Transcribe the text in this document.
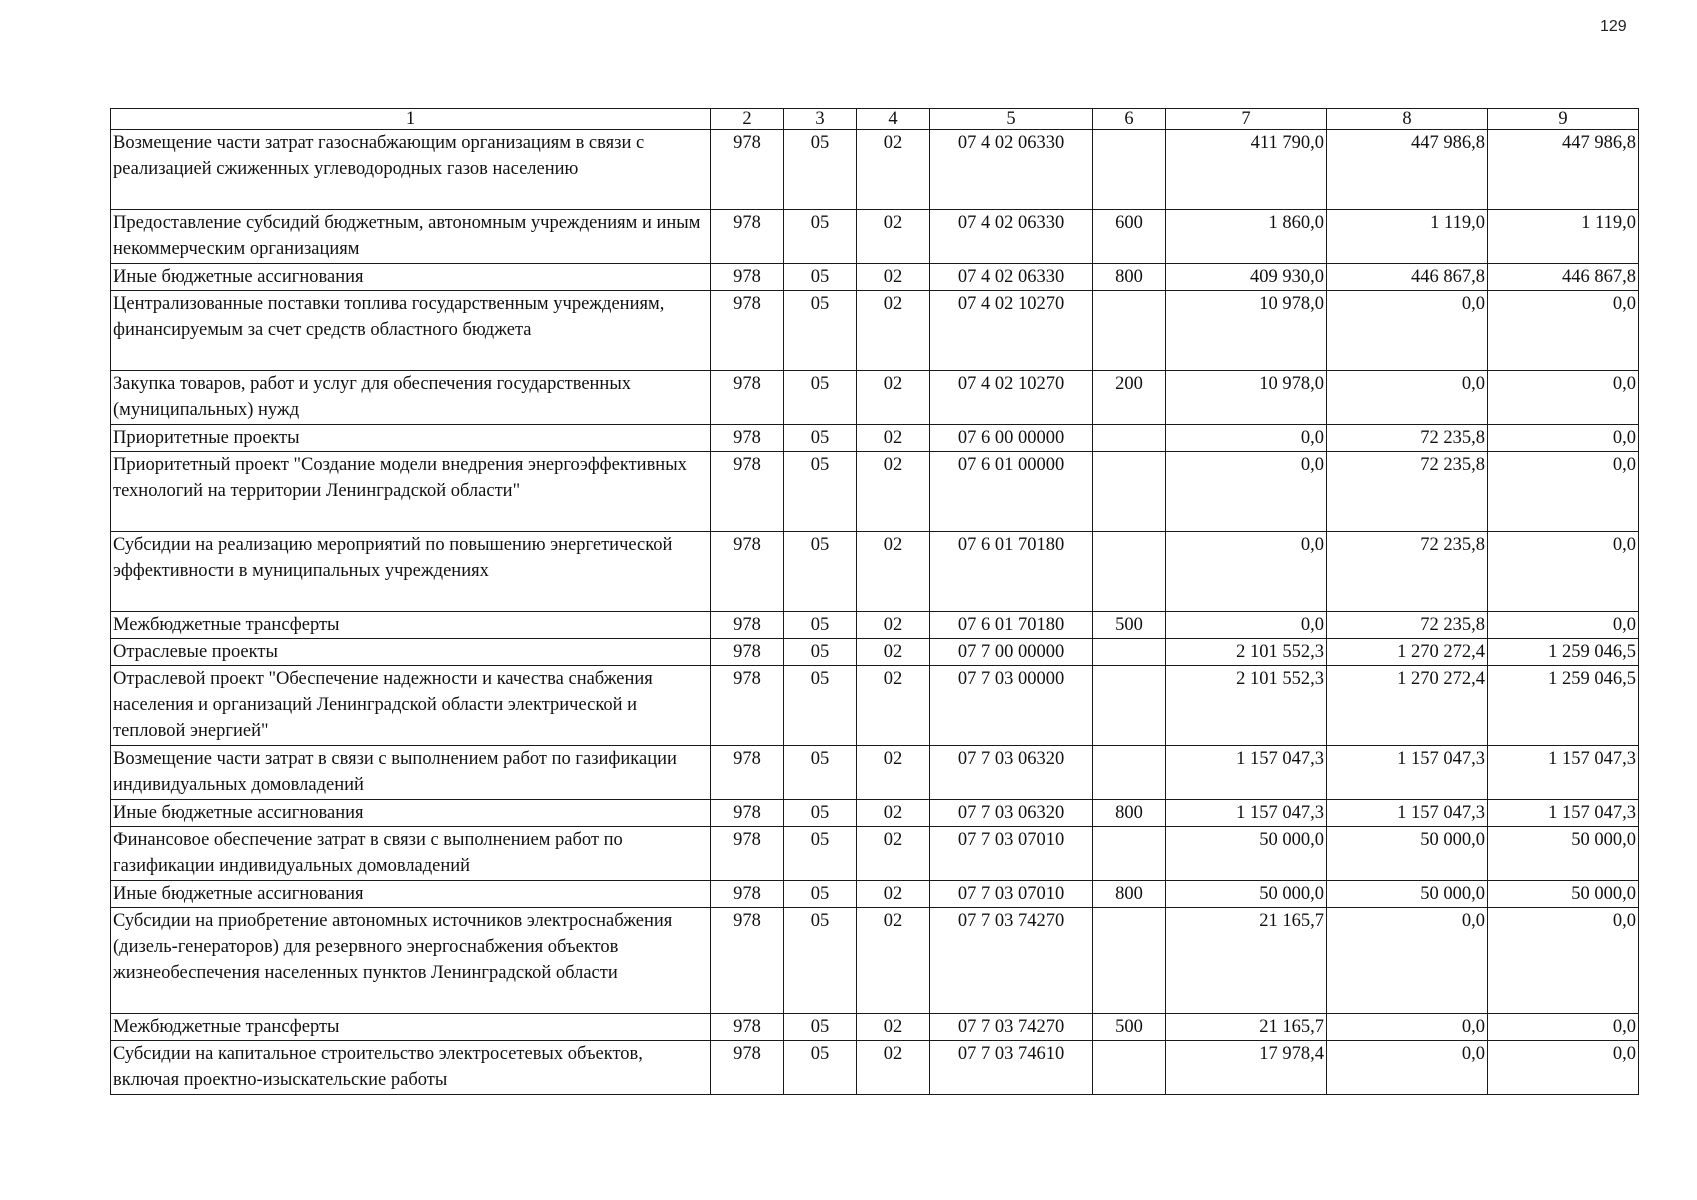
129
1	2	3	4	5	6	7	8	9
Возмещение части затрат газоснабжающим организациям в связи с реализацией сжиженных углеводородных газов населению	978	05	02	07 4 02 06330		411 790,0	447 986,8	447 986,8
Предоставление субсидий бюджетным, автономным учреждениям и иным некоммерческим организациям	978	05	02	07 4 02 06330	600	1 860,0	1 119,0	1 119,0
Иные бюджетные ассигнования	978	05	02	07 4 02 06330	800	409 930,0	446 867,8	446 867,8
Централизованные поставки топлива государственным учреждениям, финансируемым за счет средств областного бюджета	978	05	02	07 4 02 10270		10 978,0	0,0	0,0
Закупка товаров, работ и услуг для обеспечения государственных (муниципальных) нужд	978	05	02	07 4 02 10270	200	10 978,0	0,0	0,0
Приоритетные проекты	978	05	02	07 6 00 00000		0,0	72 235,8	0,0
Приоритетный проект "Создание модели внедрения энергоэффективных технологий на территории Ленинградской области"	978	05	02	07 6 01 00000		0,0	72 235,8	0,0
Субсидии на реализацию мероприятий по повышению энергетической эффективности в муниципальных учреждениях	978	05	02	07 6 01 70180		0,0	72 235,8	0,0
Межбюджетные трансферты	978	05	02	07 6 01 70180	500	0,0	72 235,8	0,0
Отраслевые проекты	978	05	02	07 7 00 00000		2 101 552,3	1 270 272,4	1 259 046,5
Отраслевой проект "Обеспечение надежности и качества снабжения населения и организаций Ленинградской области электрической и тепловой энергией"	978	05	02	07 7 03 00000		2 101 552,3	1 270 272,4	1 259 046,5
Возмещение части затрат в связи с выполнением работ по газификации индивидуальных домовладений	978	05	02	07 7 03 06320		1 157 047,3	1 157 047,3	1 157 047,3
Иные бюджетные ассигнования	978	05	02	07 7 03 06320	800	1 157 047,3	1 157 047,3	1 157 047,3
Финансовое обеспечение затрат в связи с выполнением работ по газификации индивидуальных домовладений	978	05	02	07 7 03 07010		50 000,0	50 000,0	50 000,0
Иные бюджетные ассигнования	978	05	02	07 7 03 07010	800	50 000,0	50 000,0	50 000,0
Субсидии на приобретение автономных источников электроснабжения (дизель-генераторов) для резервного энергоснабжения объектов жизнеобеспечения населенных пунктов Ленинградской области	978	05	02	07 7 03 74270		21 165,7	0,0	0,0
Межбюджетные трансферты	978	05	02	07 7 03 74270	500	21 165,7	0,0	0,0
Субсидии на капитальное строительство электросетевых объектов, включая проектно-изыскательские работы	978	05	02	07 7 03 74610		17 978,4	0,0	0,0
